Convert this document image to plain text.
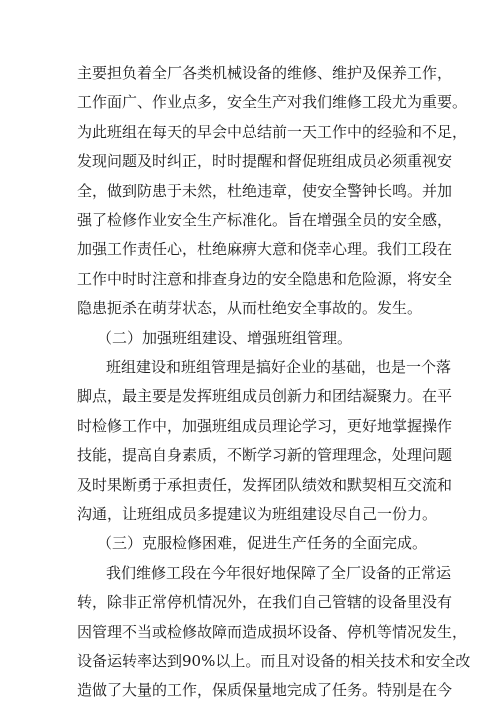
主要担负着全厂各类机械设备的维修、维护及保养工作，
工作面广、作业点多，安全生产对我们维修工段尤为重要。
为此班组在每天的早会中总结前一天工作中的经验和不足，
发现问题及时纠正，时时提醒和督促班组成员必须重视安
全，做到防患于未然，杜绝违章，使安全警钟长鸣。并加
强了检修作业安全生产标准化。旨在增强全员的安全感，
加强工作责任心，杜绝麻痹大意和侥幸心理。我们工段在
工作中时时注意和排查身边的安全隐患和危险源，将安全
隐患扼杀在萌芽状态，从而杜绝安全事故的。发生。
（二）加强班组建设、增强班组管理。
班组建设和班组管理是搞好企业的基础，也是一个落
脚点，最主要是发挥班组成员创新力和团结凝聚力。在平
时检修工作中，加强班组成员理论学习，更好地掌握操作
技能，提高自身素质，不断学习新的管理理念，处理问题
及时果断勇于承担责任，发挥团队绩效和默契相互交流和
沟通，让班组成员多提建议为班组建设尽自己一份力。
（三）克服检修困难，促进生产任务的全面完成。
我们维修工段在今年很好地保障了全厂设备的正常运
转，除非正常停机情况外，在我们自己管辖的设备里没有
因管理不当或检修故障而造成损坏设备、停机等情况发生，
设备运转率达到90%以上。而且对设备的相关技术和安全改
造做了大量的工作，保质保量地完成了任务。特别是在今
